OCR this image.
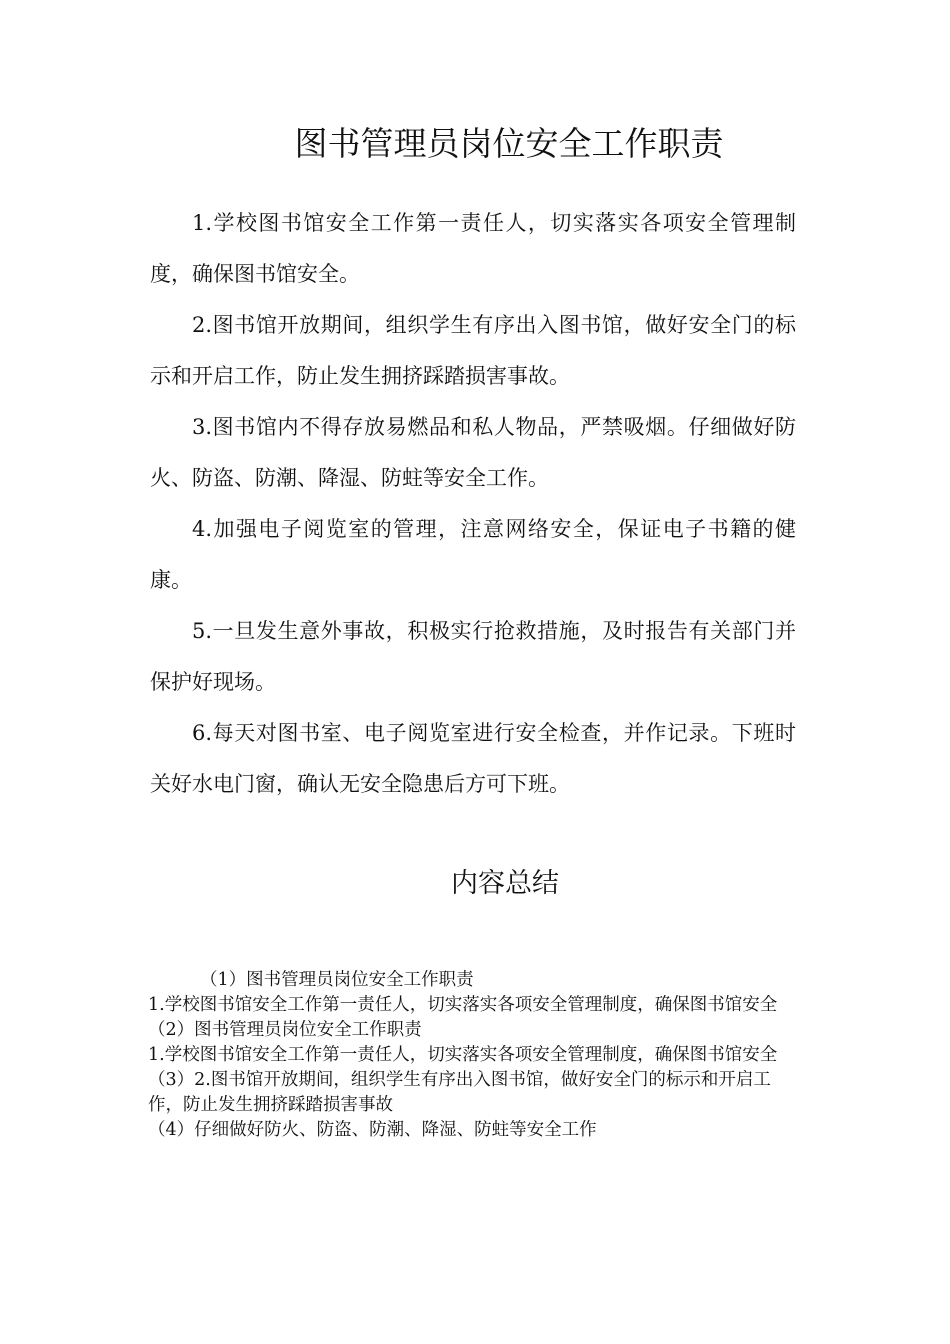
图书管理员岗位安全工作职责

1.学校图书馆安全工作第一责任人，切实落实各项安全管理制度，确保图书馆安全。

2.图书馆开放期间，组织学生有序出入图书馆，做好安全门的标示和开启工作，防止发生拥挤踩踏损害事故。

3.图书馆内不得存放易燃品和私人物品，严禁吸烟。仔细做好防火、防盗、防潮、降湿、防蛀等安全工作。

4.加强电子阅览室的管理，注意网络安全，保证电子书籍的健康。

5.一旦发生意外事故，积极实行抢救措施，及时报告有关部门并保护好现场。

6.每天对图书室、电子阅览室进行安全检查，并作记录。下班时关好水电门窗，确认无安全隐患后方可下班。

内容总结
（1）图书管理员岗位安全工作职责
1.学校图书馆安全工作第一责任人，切实落实各项安全管理制度，确保图书馆安全
（2）图书管理员岗位安全工作职责
1.学校图书馆安全工作第一责任人，切实落实各项安全管理制度，确保图书馆安全
（3）2.图书馆开放期间，组织学生有序出入图书馆，做好安全门的标示和开启工作，防止发生拥挤踩踏损害事故
（4）仔细做好防火、防盗、防潮、降湿、防蛀等安全工作
